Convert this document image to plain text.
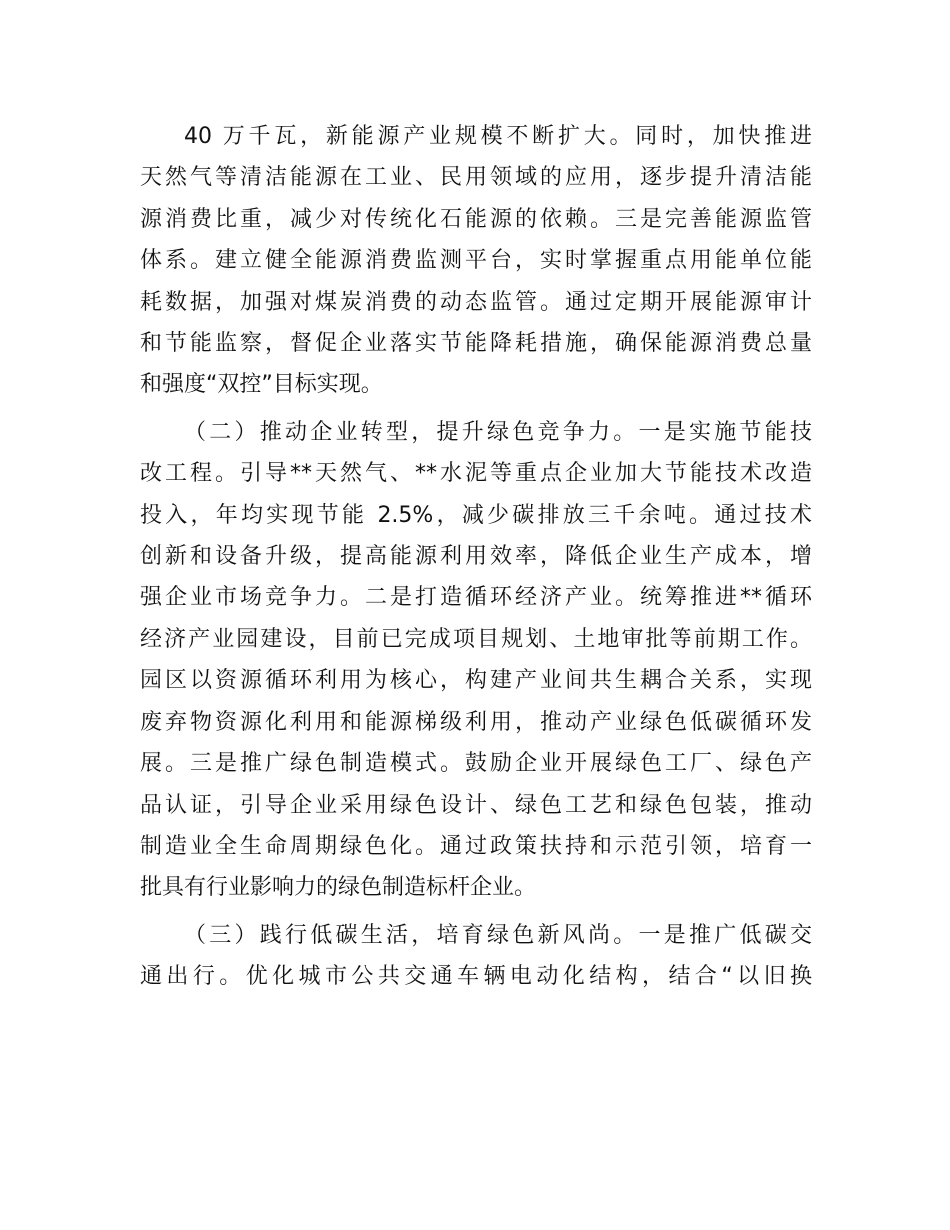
40 万千瓦，新能源产业规模不断扩大。同时，加快推进
天然气等清洁能源在工业、民用领域的应用，逐步提升清洁能
源消费比重，减少对传统化石能源的依赖。三是完善能源监管
体系。建立健全能源消费监测平台，实时掌握重点用能单位能
耗数据，加强对煤炭消费的动态监管。通过定期开展能源审计
和节能监察，督促企业落实节能降耗措施，确保能源消费总量
和强度“双控”目标实现。
（二）推动企业转型，提升绿色竞争力。一是实施节能技
改工程。引导**天然气、**水泥等重点企业加大节能技术改造
投入，年均实现节能 2.5%，减少碳排放三千余吨。通过技术
创新和设备升级，提高能源利用效率，降低企业生产成本，增
强企业市场竞争力。二是打造循环经济产业。统筹推进**循环
经济产业园建设，目前已完成项目规划、土地审批等前期工作。
园区以资源循环利用为核心，构建产业间共生耦合关系，实现
废弃物资源化利用和能源梯级利用，推动产业绿色低碳循环发
展。三是推广绿色制造模式。鼓励企业开展绿色工厂、绿色产
品认证，引导企业采用绿色设计、绿色工艺和绿色包装，推动
制造业全生命周期绿色化。通过政策扶持和示范引领，培育一
批具有行业影响力的绿色制造标杆企业。
（三）践行低碳生活，培育绿色新风尚。一是推广低碳交
通出行。优化城市公共交通车辆电动化结构，结合“以旧换
